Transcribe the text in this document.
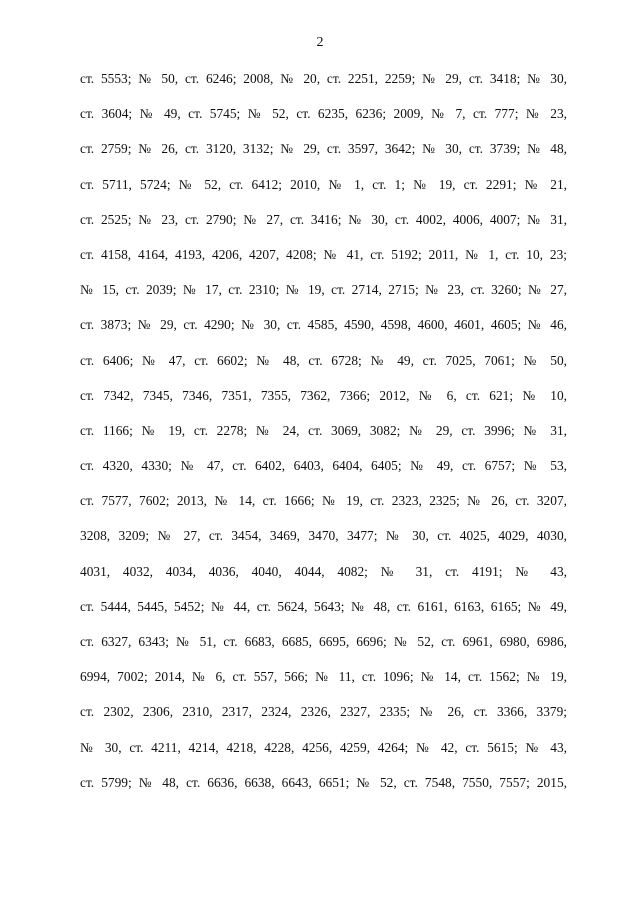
2
ст. 5553; № 50, ст. 6246; 2008, № 20, ст. 2251, 2259; № 29, ст. 3418; № 30,
ст. 3604; № 49, ст. 5745; № 52, ст. 6235, 6236; 2009, № 7, ст. 777; № 23,
ст. 2759; № 26, ст. 3120, 3132; № 29, ст. 3597, 3642; № 30, ст. 3739; № 48,
ст. 5711, 5724; № 52, ст. 6412; 2010, № 1, ст. 1; № 19, ст. 2291; № 21,
ст. 2525; № 23, ст. 2790; № 27, ст. 3416; № 30, ст. 4002, 4006, 4007; № 31,
ст. 4158, 4164, 4193, 4206, 4207, 4208; № 41, ст. 5192; 2011, № 1, ст. 10, 23;
№ 15, ст. 2039; № 17, ст. 2310; № 19, ст. 2714, 2715; № 23, ст. 3260; № 27,
ст. 3873; № 29, ст. 4290; № 30, ст. 4585, 4590, 4598, 4600, 4601, 4605; № 46,
ст. 6406; № 47, ст. 6602; № 48, ст. 6728; № 49, ст. 7025, 7061; № 50,
ст. 7342, 7345, 7346, 7351, 7355, 7362, 7366; 2012, № 6, ст. 621; № 10,
ст. 1166; № 19, ст. 2278; № 24, ст. 3069, 3082; № 29, ст. 3996; № 31,
ст. 4320, 4330; № 47, ст. 6402, 6403, 6404, 6405; № 49, ст. 6757; № 53,
ст. 7577, 7602; 2013, № 14, ст. 1666; № 19, ст. 2323, 2325; № 26, ст. 3207,
3208, 3209; № 27, ст. 3454, 3469, 3470, 3477; № 30, ст. 4025, 4029, 4030,
4031, 4032, 4034, 4036, 4040, 4044, 4082; № 31, ст. 4191; № 43,
ст. 5444, 5445, 5452; № 44, ст. 5624, 5643; № 48, ст. 6161, 6163, 6165; № 49,
ст. 6327, 6343; № 51, ст. 6683, 6685, 6695, 6696; № 52, ст. 6961, 6980, 6986,
6994, 7002; 2014, № 6, ст. 557, 566; № 11, ст. 1096; № 14, ст. 1562; № 19,
ст. 2302, 2306, 2310, 2317, 2324, 2326, 2327, 2335; № 26, ст. 3366, 3379;
№ 30, ст. 4211, 4214, 4218, 4228, 4256, 4259, 4264; № 42, ст. 5615; № 43,
ст. 5799; № 48, ст. 6636, 6638, 6643, 6651; № 52, ст. 7548, 7550, 7557; 2015,
